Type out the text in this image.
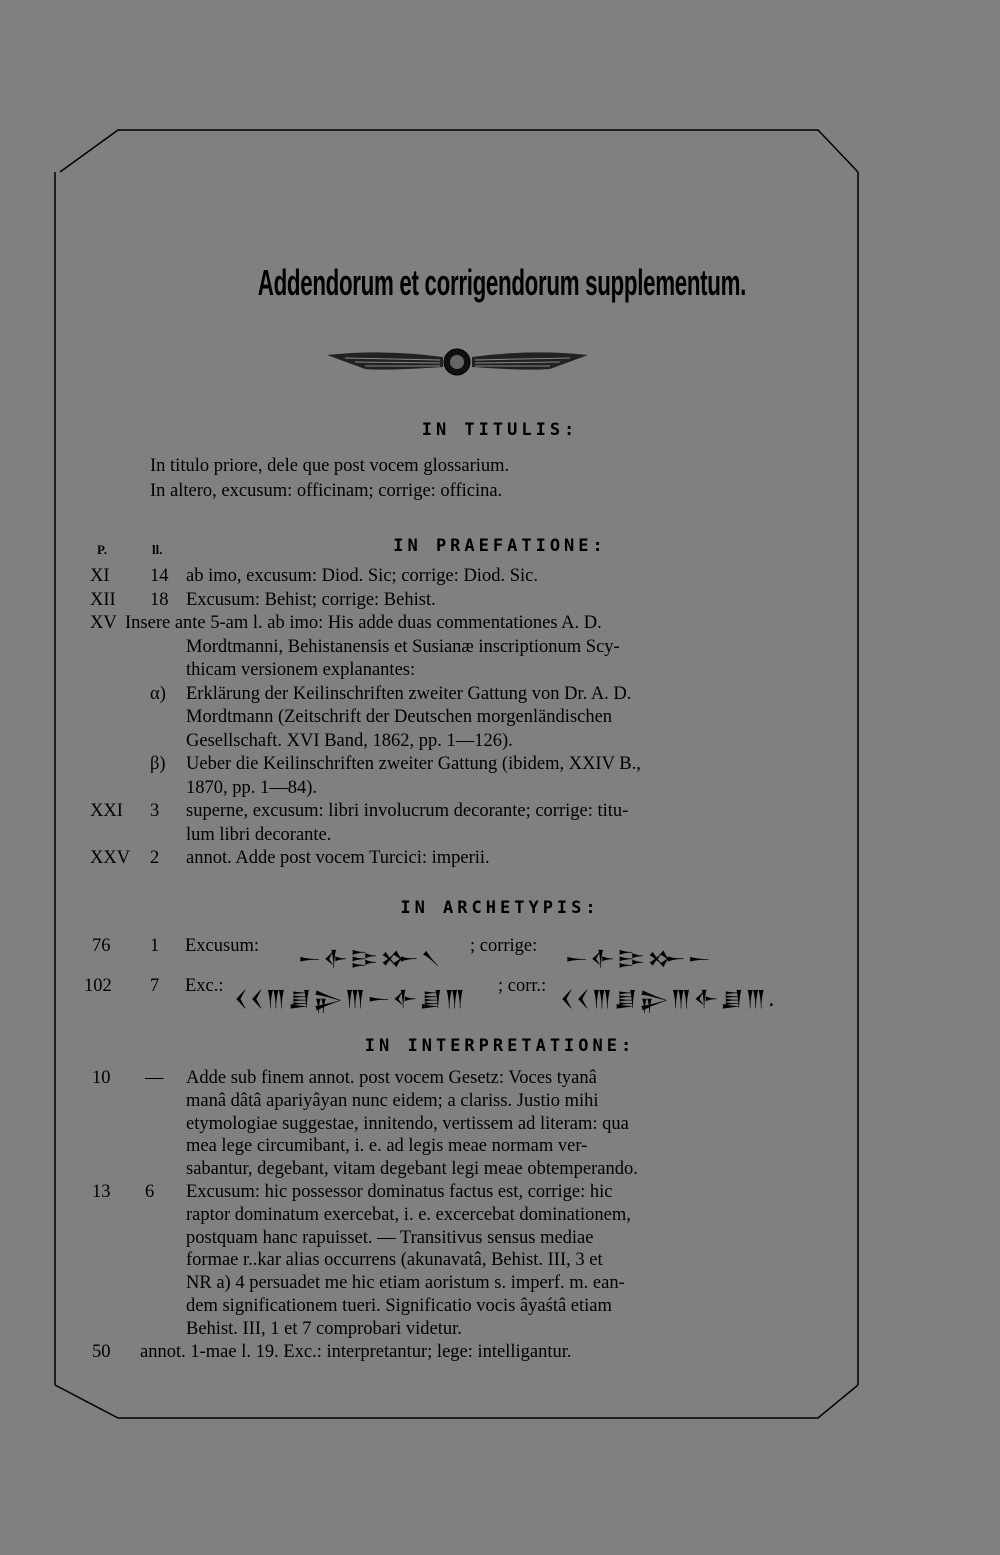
Addendorum et corrigendorum supplementum.
IN TITULIS:
In titulo priore, dele que post vocem glossarium.
In altero, excusum: officinam; corrige: officina.
P.	ll.	IN PRAEFATIONE:
XI 14 ab imo, excusum: Diod. Sic; corrige: Diod. Sic.
XII 18 Excusum: Behist; corrige: Behist.
XV Insere ante 5-am l. ab imo: His adde duas commentationes A. D.
Mordtmanni, Behistanensis et Susianæ inscriptionum Scy-
thicam versionem explanantes:
α) Erklärung der Keilinschriften zweiter Gattung von Dr. A. D.
Mordtmann (Zeitschrift der Deutschen morgenländischen
Gesellschaft. XVI Band, 1862, pp. 1—126).
β) Ueber die Keilinschriften zweiter Gattung (ibidem, XXIV B.,
1870, pp. 1—84).
XXI 3 superne, excusum: libri involucrum decorante; corrige: titu-
lum libri decorante.
XXV 2 annot. Adde post vocem Turcici: imperii.
IN ARCHETYPIS:
76 1 Excusum:
𒀸𒅆𒄿𒁍𒀹
; corrige:
𒀸𒅆𒄿𒁍𒀸
102 7 Exc.:
𒌋𒌋𒐈𒋗𒉌𒐈𒀸𒅆𒋗𒐈
; corr.:
𒌋𒌋𒐈𒋗𒉌𒐈𒅆𒋗𒐈.
IN INTERPRETATIONE:
10 — Adde sub finem annot. post vocem Gesetz: Voces tyanâ
manâ dâtâ apariyâyan nunc eidem; a clariss. Justio mihi
etymologiae suggestae, innitendo, vertissem ad literam: qua
mea lege circumibant, i. e. ad legis meae normam ver-
sabantur, degebant, vitam degebant legi meae obtemperando.
13 6 Excusum: hic possessor dominatus factus est, corrige: hic
raptor dominatum exercebat, i. e. excercebat dominationem,
postquam hanc rapuisset. — Transitivus sensus mediae
formae r..kar alias occurrens (akunavatâ, Behist. III, 3 et
NR a) 4 persuadet me hic etiam aoristum s. imperf. m. ean-
dem significationem tueri. Significatio vocis âyaśtâ etiam
Behist. III, 1 et 7 comprobari videtur.
50 annot. 1-mae l. 19. Exc.: interpretantur; lege: intelligantur.
